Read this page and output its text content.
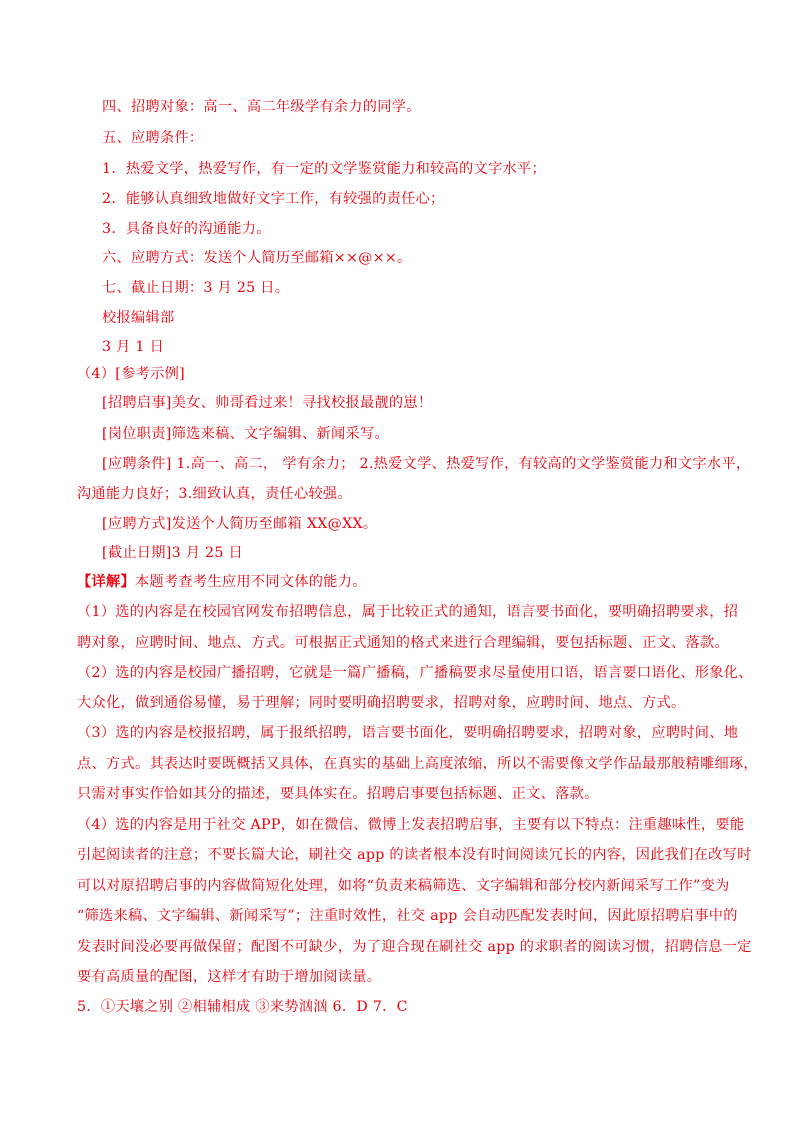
四、招聘对象：高一、高二年级学有余力的同学。
五、应聘条件：
1．热爱文学，热爱写作，有一定的文学鉴赏能力和较高的文字水平；
2．能够认真细致地做好文字工作，有较强的责任心；
3．具备良好的沟通能力。
六、应聘方式：发送个人简历至邮箱××@××。
七、截止日期：3 月 25 日。
校报编辑部
3 月 1 日
（4）[参考示例]
[招聘启事]美女、帅哥看过来！寻找校报最靓的崽！
[岗位职责]筛选来稿、文字编辑、新闻采写。
[应聘条件] 1.高一、高二， 学有余力； 2.热爱文学、热爱写作，有较高的文学鉴赏能力和文字水平，
沟通能力良好；3.细致认真，责任心较强。
[应聘方式]发送个人简历至邮箱 XX@XX。
[截止日期]3 月 25 日
【详解】本题考查考生应用不同文体的能力。
（1）选的内容是在校园官网发布招聘信息，属于比较正式的通知，语言要书面化，要明确招聘要求，招
聘对象，应聘时间、地点、方式。可根据正式通知的格式来进行合理编辑，要包括标题、正文、落款。
（2）选的内容是校园广播招聘，它就是一篇广播稿，广播稿要求尽量使用口语，语言要口语化、形象化、
大众化，做到通俗易懂，易于理解；同时要明确招聘要求，招聘对象，应聘时间、地点、方式。
（3）选的内容是校报招聘，属于报纸招聘，语言要书面化，要明确招聘要求，招聘对象，应聘时间、地
点、方式。其表达时要既概括又具体，在真实的基础上高度浓缩，所以不需要像文学作品最那般精雕细琢，
只需对事实作恰如其分的描述，要具体实在。招聘启事要包括标题、正文、落款。
（4）选的内容是用于社交 APP，如在微信、微博上发表招聘启事，主要有以下特点：注重趣味性，要能
引起阅读者的注意；不要长篇大论，刷社交 app 的读者根本没有时间阅读冗长的内容，因此我们在改写时
可以对原招聘启事的内容做简短化处理，如将“负责来稿筛选、文字编辑和部分校内新闻采写工作”变为
“筛选来稿、文字编辑、新闻采写”；注重时效性，社交 app 会自动匹配发表时间，因此原招聘启事中的
发表时间没必要再做保留；配图不可缺少，为了迎合现在刷社交 app 的求职者的阅读习惯，招聘信息一定
要有高质量的配图，这样才有助于增加阅读量。
5．①天壤之别 ②相辅相成 ③来势汹汹 6．D 7．C
